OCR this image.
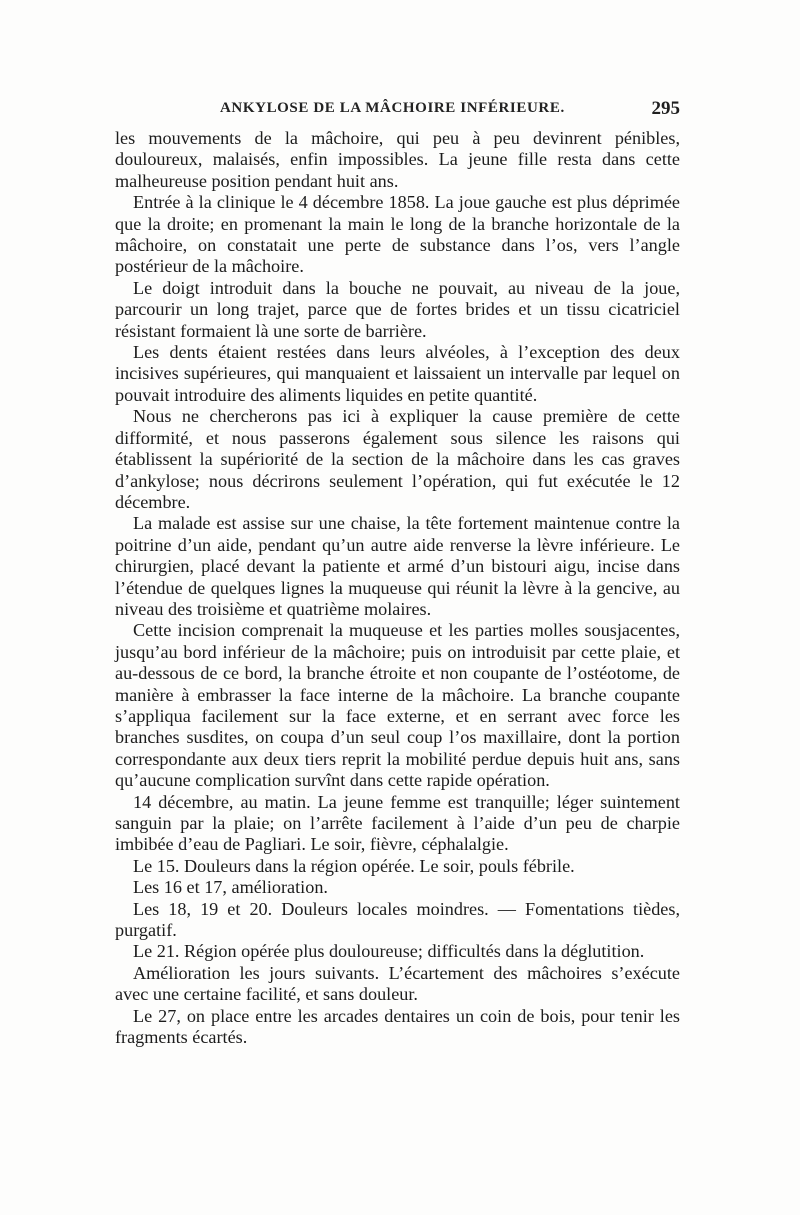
ANKYLOSE DE LA MÂCHOIRE INFÉRIEURE.	295

les mouvements de la mâchoire, qui peu à peu devinrent pénibles, douloureux, malaisés, enfin impossibles. La jeune fille resta dans cette malheureuse position pendant huit ans.

Entrée à la clinique le 4 décembre 1858. La joue gauche est plus déprimée que la droite; en promenant la main le long de la branche horizontale de la mâchoire, on constatait une perte de substance dans l’os, vers l’angle postérieur de la mâchoire.

Le doigt introduit dans la bouche ne pouvait, au niveau de la joue, parcourir un long trajet, parce que de fortes brides et un tissu cicatriciel résistant formaient là une sorte de barrière.

Les dents étaient restées dans leurs alvéoles, à l’exception des deux incisives supérieures, qui manquaient et laissaient un intervalle par lequel on pouvait introduire des aliments liquides en petite quantité.

Nous ne chercherons pas ici à expliquer la cause première de cette difformité, et nous passerons également sous silence les raisons qui établissent la supériorité de la section de la mâchoire dans les cas graves d’ankylose; nous décrirons seulement l’opération, qui fut exécutée le 12 décembre.

La malade est assise sur une chaise, la tête fortement maintenue contre la poitrine d’un aide, pendant qu’un autre aide renverse la lèvre inférieure. Le chirurgien, placé devant la patiente et armé d’un bistouri aigu, incise dans l’étendue de quelques lignes la muqueuse qui réunit la lèvre à la gencive, au niveau des troisième et quatrième molaires.

Cette incision comprenait la muqueuse et les parties molles sousjacentes, jusqu’au bord inférieur de la mâchoire; puis on introduisit par cette plaie, et au-dessous de ce bord, la branche étroite et non coupante de l’ostéotome, de manière à embrasser la face interne de la mâchoire. La branche coupante s’appliqua facilement sur la face externe, et en serrant avec force les branches susdites, on coupa d’un seul coup l’os maxillaire, dont la portion correspondante aux deux tiers reprit la mobilité perdue depuis huit ans, sans qu’aucune complication survînt dans cette rapide opération.

14 décembre, au matin. La jeune femme est tranquille; léger suintement sanguin par la plaie; on l’arrête facilement à l’aide d’un peu de charpie imbibée d’eau de Pagliari. Le soir, fièvre, céphalalgie.

Le 15. Douleurs dans la région opérée. Le soir, pouls fébrile.

Les 16 et 17, amélioration.

Les 18, 19 et 20. Douleurs locales moindres. — Fomentations tièdes, purgatif.

Le 21. Région opérée plus douloureuse; difficultés dans la déglutition.

Amélioration les jours suivants. L’écartement des mâchoires s’exécute avec une certaine facilité, et sans douleur.

Le 27, on place entre les arcades dentaires un coin de bois, pour tenir les fragments écartés.
